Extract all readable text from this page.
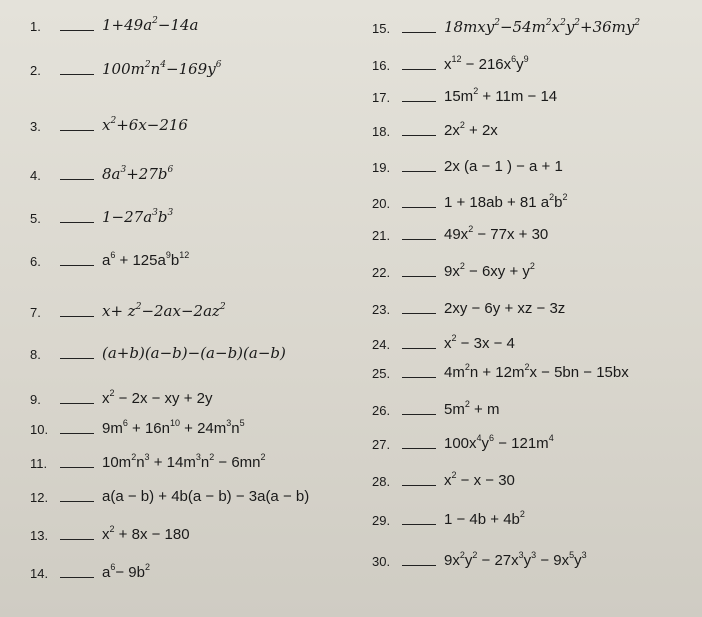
1.	$1+49a^2-14a$
2.	$100m^2n^4-169y^6$
3.	$x^2+6x-216$
4.	$8a^3+27b^6$
5.	$1-27a^3b^3$
6.	$a^6 + 125a^9b^{12}$
7.	$x+ z^2-2ax-2az^2$
8.	(a+b)(a−b)−(a−b)(a−b)
9.	$x^2 - 2x$ − xy + 2y
10.	$9m^6 + 16n^{10} + 24m^3n^5$
11.	$10m^2n^3 + 14m^3n^2 - 6mn^2$
12.	a(a − b) + 4b(a − b) − 3a(a − b)
13.	$x^2 + 8x - 180$
14.	$a^6- 9b^2$
15.	$18mxy^2-54m^2x^2y^2+36my^2$
16.	$x^{12} - 216x^6y^9$
17.	$15m^2 + 11m - 14$
18.	$2x^2 + 2x$
19.	2x (a − 1 ) − a + 1
20.	1 + 18ab + 81 $a^2b^2$
21.	$49x^2 - 77x + 30$
22.	$9x^2 - 6xy + y^2$
23.	2xy − 6y + xz − 3z
24.	$x^2 - 3x - 4$
25.	$4m^2n + 12m^2x - 5bn - 15bx$
26.	$5m^2 + m$
27.	$100x^4y^6 - 121m^4$
28.	$x^2 - x - 30$
29.	$1 - 4b + 4b^2$
30.	$9x^2y^2 - 27x^3y^3 - 9x^5y^3$
